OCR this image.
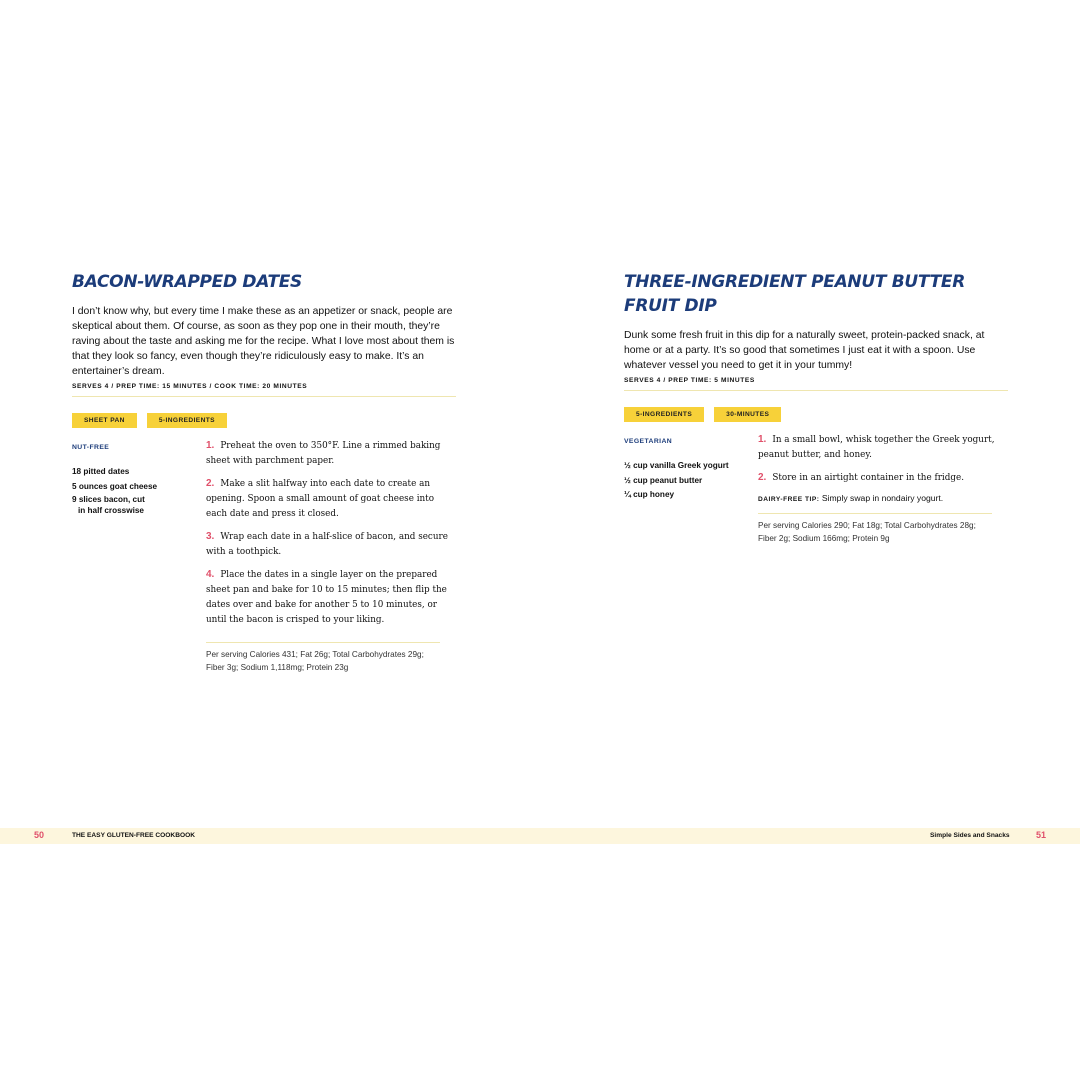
BACON-WRAPPED DATES

I don’t know why, but every time I make these as an appetizer or snack, people are skeptical about them. Of course, as soon as they pop one in their mouth, they’re raving about the taste and asking me for the recipe. What I love most about them is that they look so fancy, even though they’re ridiculously easy to make. It’s an entertainer’s dream.

SERVES 4 / PREP TIME: 15 MINUTES / COOK TIME: 20 MINUTES
SHEET PAN	5-INGREDIENTS
NUT-FREE
18 pitted dates
5 ounces goat cheese
9 slices bacon, cut
in half crosswise
1. Preheat the oven to 350°F. Line a rimmed baking sheet with parchment paper.
2. Make a slit halfway into each date to create an opening. Spoon a small amount of goat cheese into each date and press it closed.
3. Wrap each date in a half-slice of bacon, and secure with a toothpick.
4. Place the dates in a single layer on the prepared sheet pan and bake for 10 to 15 minutes; then flip the dates over and bake for another 5 to 10 minutes, or until the bacon is crisped to your liking.
Per serving Calories 431; Fat 26g; Total Carbohydrates 29g; Fiber 3g; Sodium 1,118mg; Protein 23g
THREE-INGREDIENT PEANUT BUTTER FRUIT DIP

Dunk some fresh fruit in this dip for a naturally sweet, protein-packed snack, at home or at a party. It’s so good that sometimes I just eat it with a spoon. Use whatever vessel you need to get it in your tummy!

SERVES 4 / PREP TIME: 5 MINUTES
5-INGREDIENTS	30-MINUTES
VEGETARIAN
½ cup vanilla Greek yogurt
½ cup peanut butter
¼ cup honey
1. In a small bowl, whisk together the Greek yogurt, peanut butter, and honey.
2. Store in an airtight container in the fridge.
DAIRY-FREE TIP: Simply swap in nondairy yogurt.
Per serving Calories 290; Fat 18g; Total Carbohydrates 28g; Fiber 2g; Sodium 166mg; Protein 9g
50	THE EASY GLUTEN-FREE COOKBOOK	Simple Sides and Snacks	51
